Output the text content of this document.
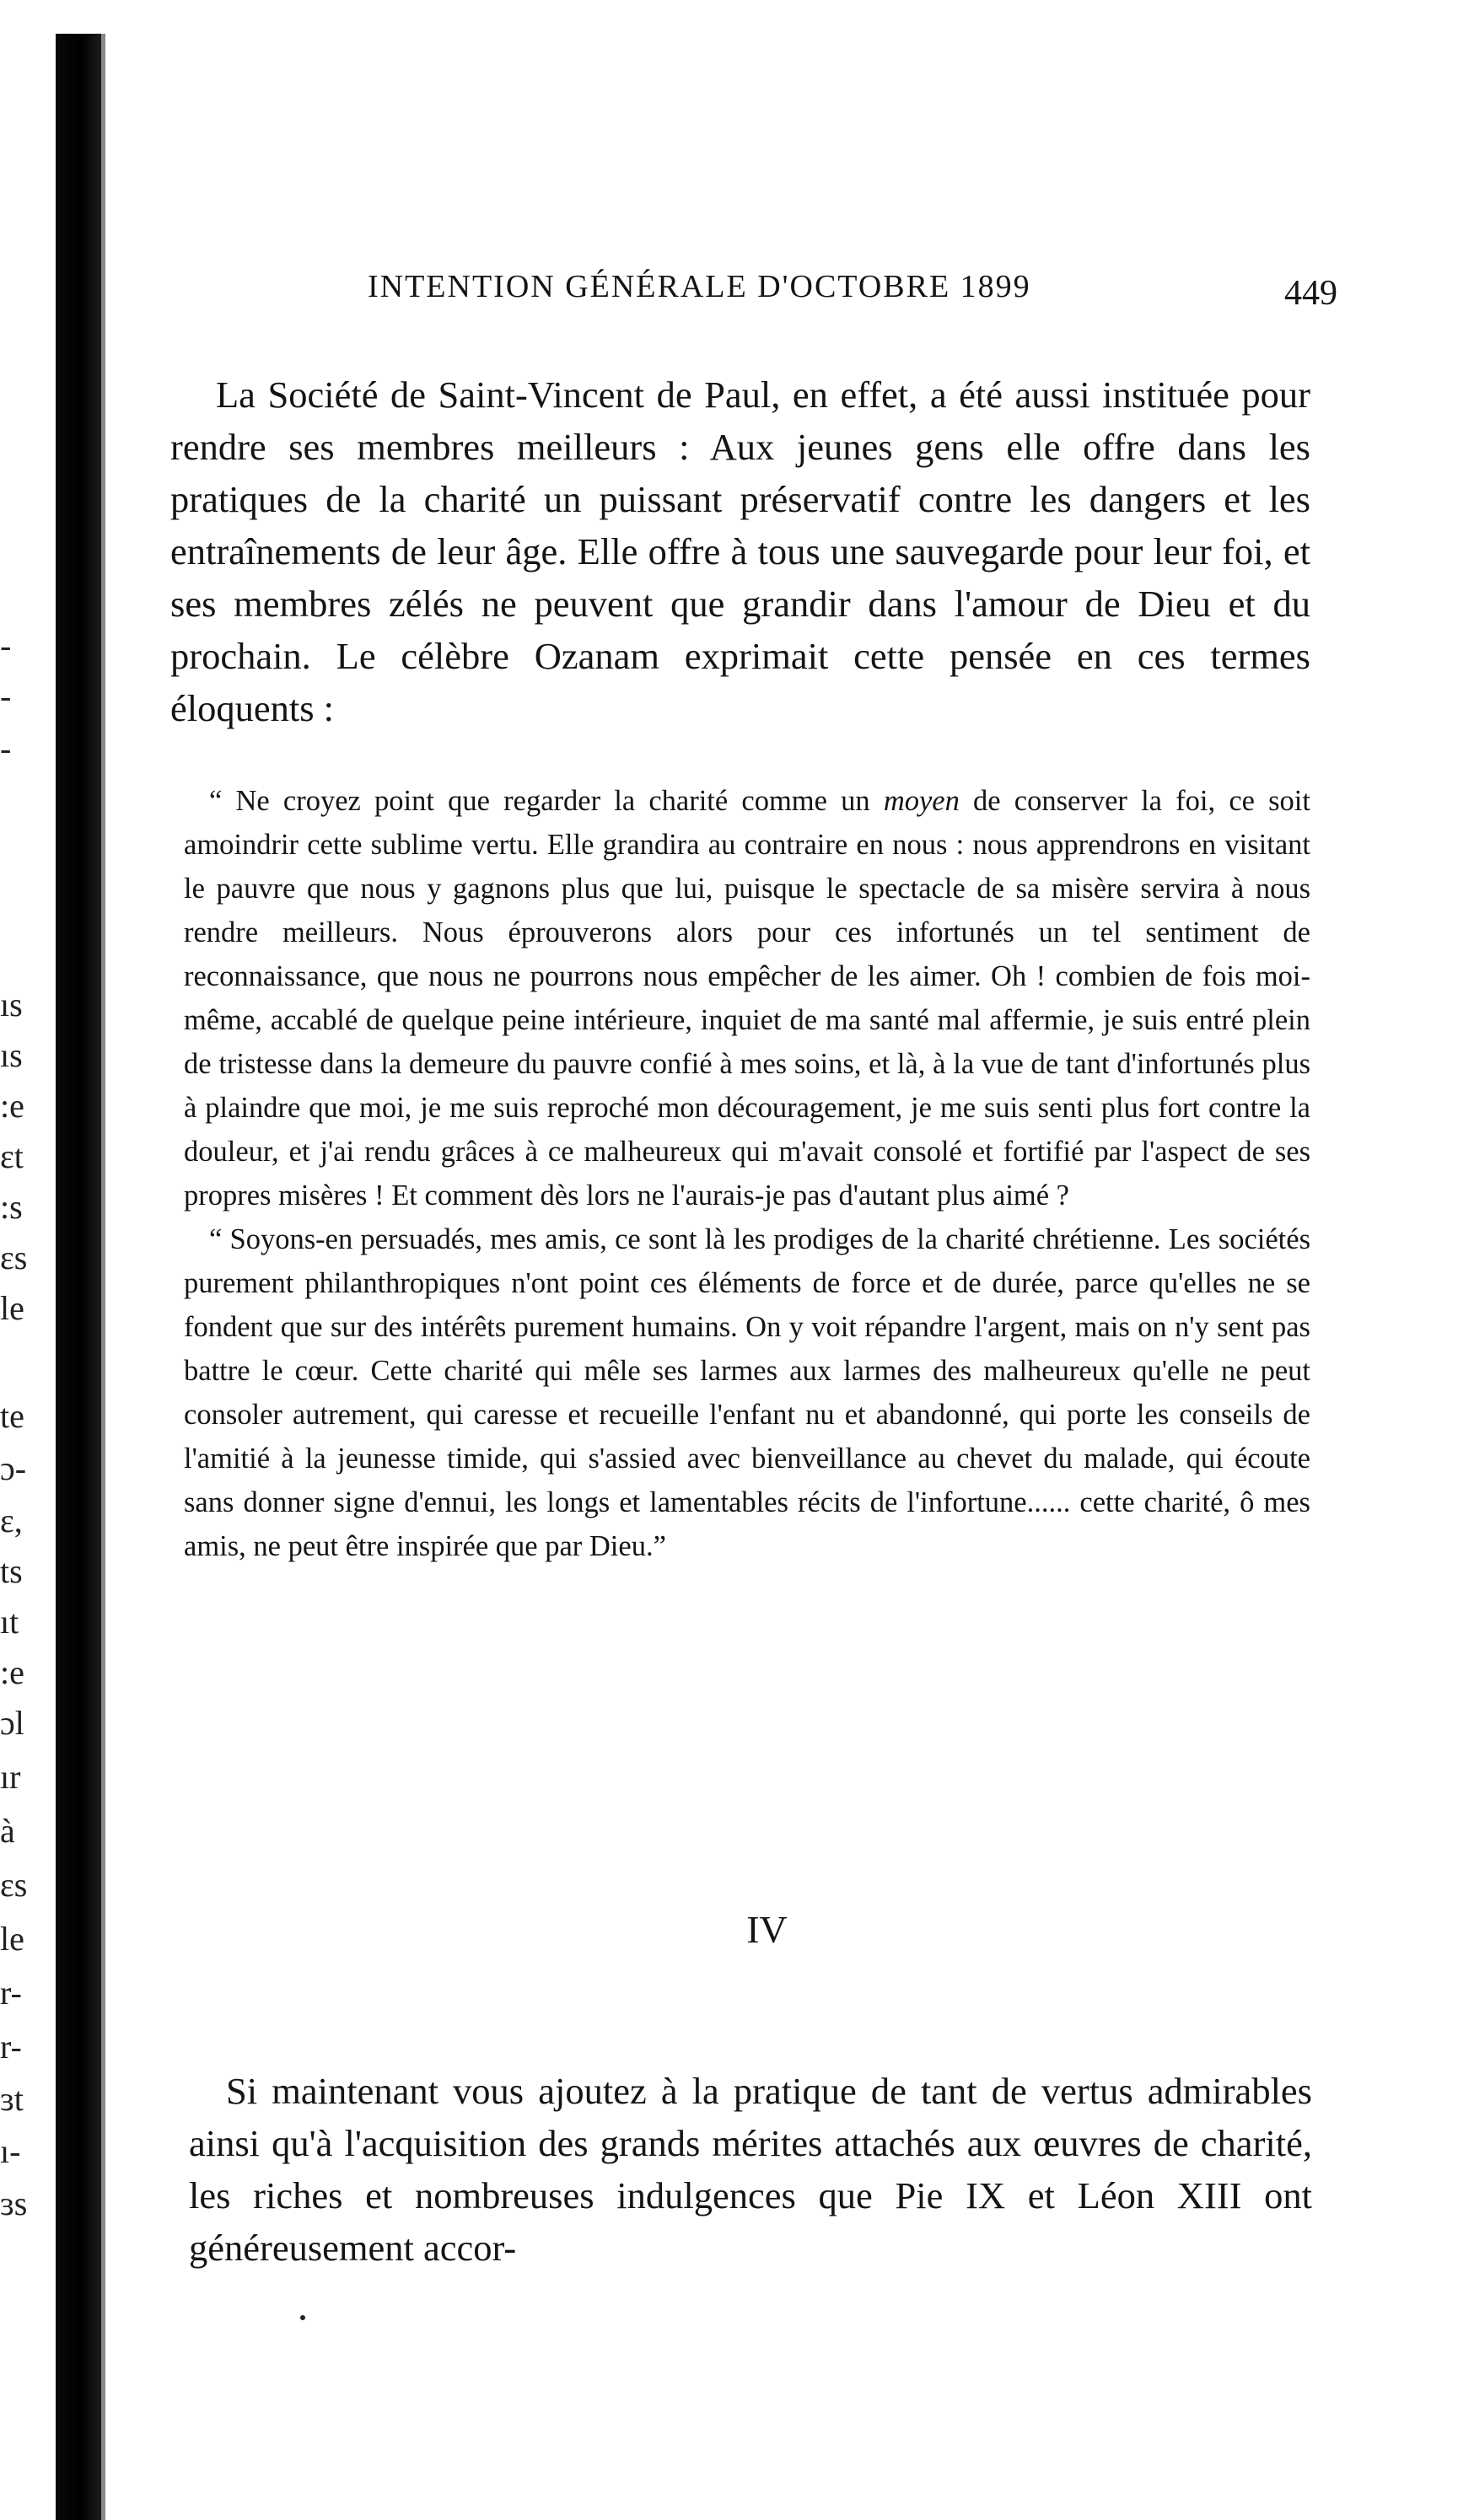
-
-
-
ıs
ıs
:e
ɛt
:s
ɛs
le
te
ɔ-
ɛ,
ts
ıt
:e
ɔl
ır
à
ɛs
le
r-
r-
ɜt
ı-
ɜs
INTENTION GÉNÉRALE D'OCTOBRE 1899	449

La Société de Saint-Vincent de Paul, en effet, a été aussi instituée pour rendre ses membres meilleurs : Aux jeunes gens elle offre dans les pratiques de la charité un puissant préservatif contre les dangers et les entraînements de leur âge. Elle offre à tous une sauvegarde pour leur foi, et ses membres zélés ne peuvent que grandir dans l'amour de Dieu et du prochain. Le célèbre Ozanam exprimait cette pensée en ces termes éloquents :

“ Ne croyez point que regarder la charité comme un moyen de conserver la foi, ce soit amoindrir cette sublime vertu. Elle grandira au contraire en nous : nous apprendrons en visitant le pauvre que nous y gagnons plus que lui, puisque le spectacle de sa misère servira à nous rendre meilleurs. Nous éprouverons alors pour ces infortunés un tel sentiment de reconnaissance, que nous ne pourrons nous empêcher de les aimer. Oh ! combien de fois moi-même, accablé de quelque peine intérieure, inquiet de ma santé mal affermie, je suis entré plein de tristesse dans la demeure du pauvre confié à mes soins, et là, à la vue de tant d'infortunés plus à plaindre que moi, je me suis reproché mon découragement, je me suis senti plus fort contre la douleur, et j'ai rendu grâces à ce malheureux qui m'avait consolé et fortifié par l'aspect de ses propres misères ! Et comment dès lors ne l'aurais-je pas d'autant plus aimé ?

“ Soyons-en persuadés, mes amis, ce sont là les prodiges de la charité chrétienne. Les sociétés purement philanthropiques n'ont point ces éléments de force et de durée, parce qu'elles ne se fondent que sur des intérêts purement humains. On y voit répandre l'argent, mais on n'y sent pas battre le cœur. Cette charité qui mêle ses larmes aux larmes des malheureux qu'elle ne peut consoler autrement, qui caresse et recueille l'enfant nu et abandonné, qui porte les conseils de l'amitié à la jeunesse timide, qui s'assied avec bienveillance au chevet du malade, qui écoute sans donner signe d'ennui, les longs et lamentables récits de l'infortune...... cette charité, ô mes amis, ne peut être inspirée que par Dieu.”

IV

Si maintenant vous ajoutez à la pratique de tant de vertus admirables ainsi qu'à l'acquisition des grands mérites attachés aux œuvres de charité, les riches et nombreuses indulgences que Pie IX et Léon XIII ont généreusement accor-
